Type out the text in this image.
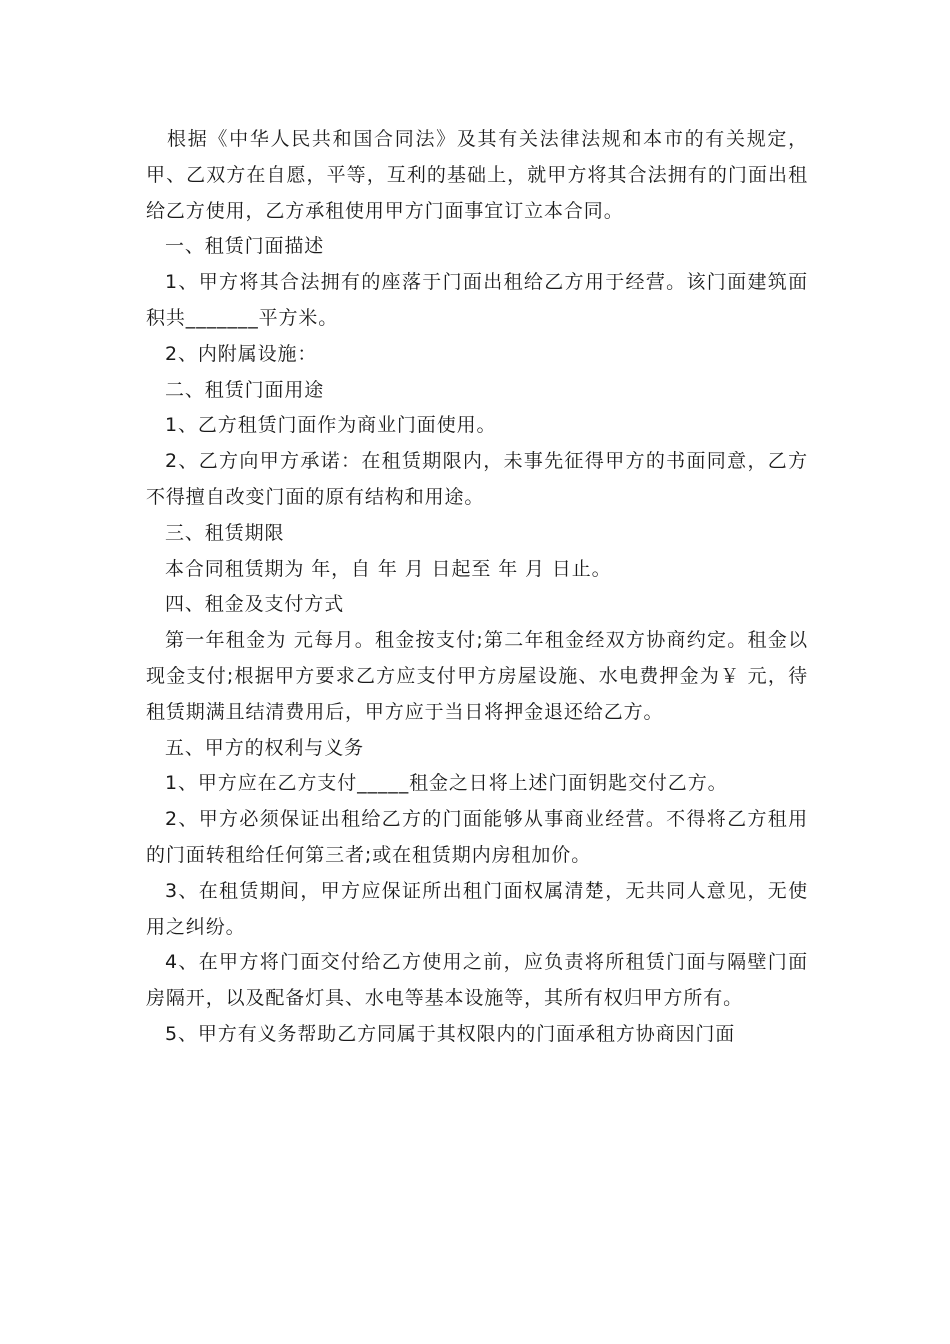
根据《中华人民共和国合同法》及其有关法律法规和本市的有关规定，甲、乙双方在自愿，平等，互利的基础上，就甲方将其合法拥有的门面出租给乙方使用，乙方承租使用甲方门面事宜订立本合同。

一、租赁门面描述

1、甲方将其合法拥有的座落于门面出租给乙方用于经营。该门面建筑面积共_______平方米。

2、内附属设施：

二、租赁门面用途

1、乙方租赁门面作为商业门面使用。

2、乙方向甲方承诺：在租赁期限内，未事先征得甲方的书面同意，乙方不得擅自改变门面的原有结构和用途。

三、租赁期限

本合同租赁期为 年，自 年 月 日起至 年 月 日止。

四、租金及支付方式

第一年租金为 元每月。租金按支付;第二年租金经双方协商约定。租金以现金支付;根据甲方要求乙方应支付甲方房屋设施、水电费押金为￥ 元，待租赁期满且结清费用后，甲方应于当日将押金退还给乙方。

五、甲方的权利与义务

1、甲方应在乙方支付_____租金之日将上述门面钥匙交付乙方。

2、甲方必须保证出租给乙方的门面能够从事商业经营。不得将乙方租用的门面转租给任何第三者;或在租赁期内房租加价。

3、在租赁期间，甲方应保证所出租门面权属清楚，无共同人意见，无使用之纠纷。

4、在甲方将门面交付给乙方使用之前，应负责将所租赁门面与隔壁门面房隔开，以及配备灯具、水电等基本设施等，其所有权归甲方所有。

5、甲方有义务帮助乙方同属于其权限内的门面承租方协商因门面
